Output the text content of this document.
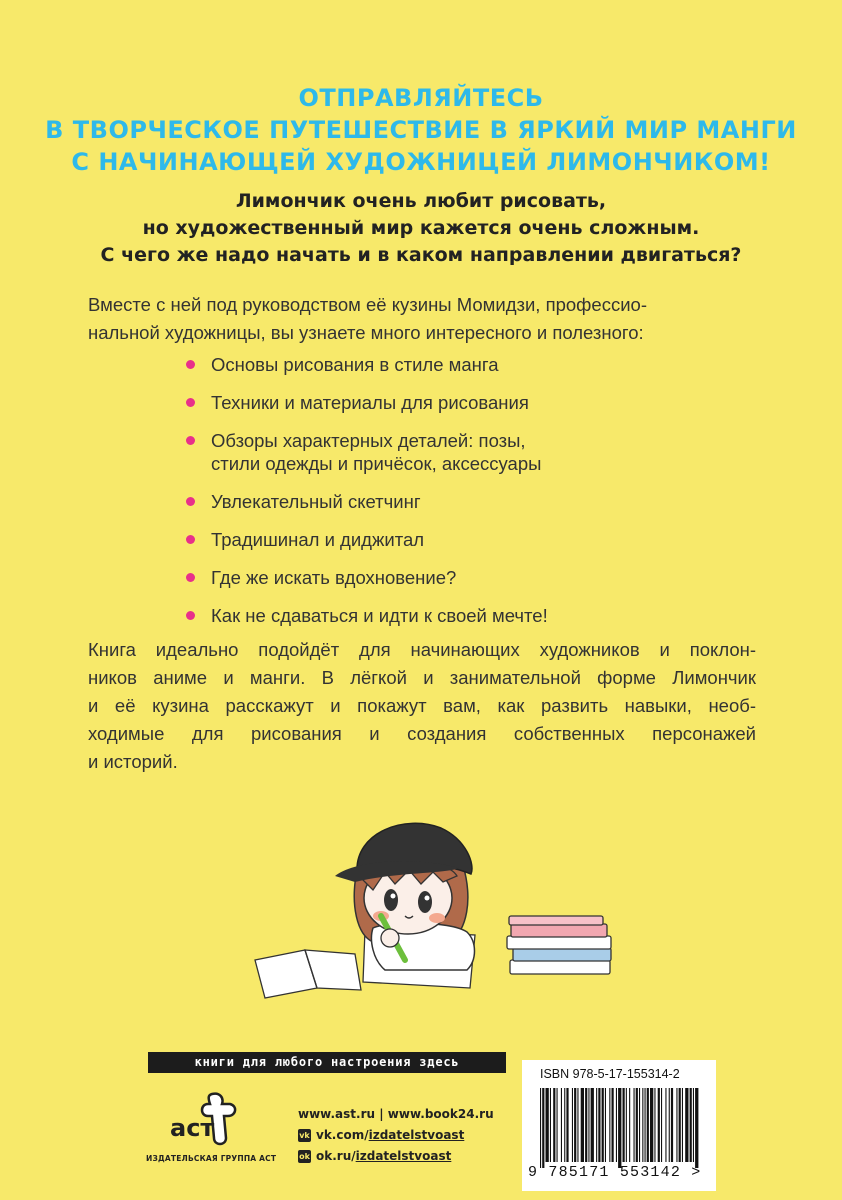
ОТПРАВЛЯЙТЕСЬ
В ТВОРЧЕСКОЕ ПУТЕШЕСТВИЕ В ЯРКИЙ МИР МАНГИ
С НАЧИНАЮЩЕЙ ХУДОЖНИЦЕЙ ЛИМОНЧИКОМ!
Лимончик очень любит рисовать,
но художественный мир кажется очень сложным.
С чего же надо начать и в каком направлении двигаться?
Вместе с ней под руководством её кузины Момидзи, профессио-
нальной художницы, вы узнаете много интересного и полезного:
Основы рисования в стиле манга
Техники и материалы для рисования
Обзоры характерных деталей: позы,
стили одежды и причёсок, аксессуары
Увлекательный скетчинг
Традишинал и диджитал
Где же искать вдохновение?
Как не сдаваться и идти к своей мечте!
Книга идеально подойдёт для начинающих художников и поклон-
ников аниме и манги. В лёгкой и занимательной форме Лимончик
и её кузина расскажут и покажут вам, как развить навыки, необ-
ходимые для рисования и создания собственных персонажей
и историй.
книги для любого настроения здесь
аст
ИЗДАТЕЛЬСКАЯ ГРУППА АСТ
www.ast.ru | www.book24.ru
vk vk.com/ izdatelstvoast
ok ok.ru/ izdatelstvoast
ISBN 978-5-17-155314-2
9 785171 553142 >
